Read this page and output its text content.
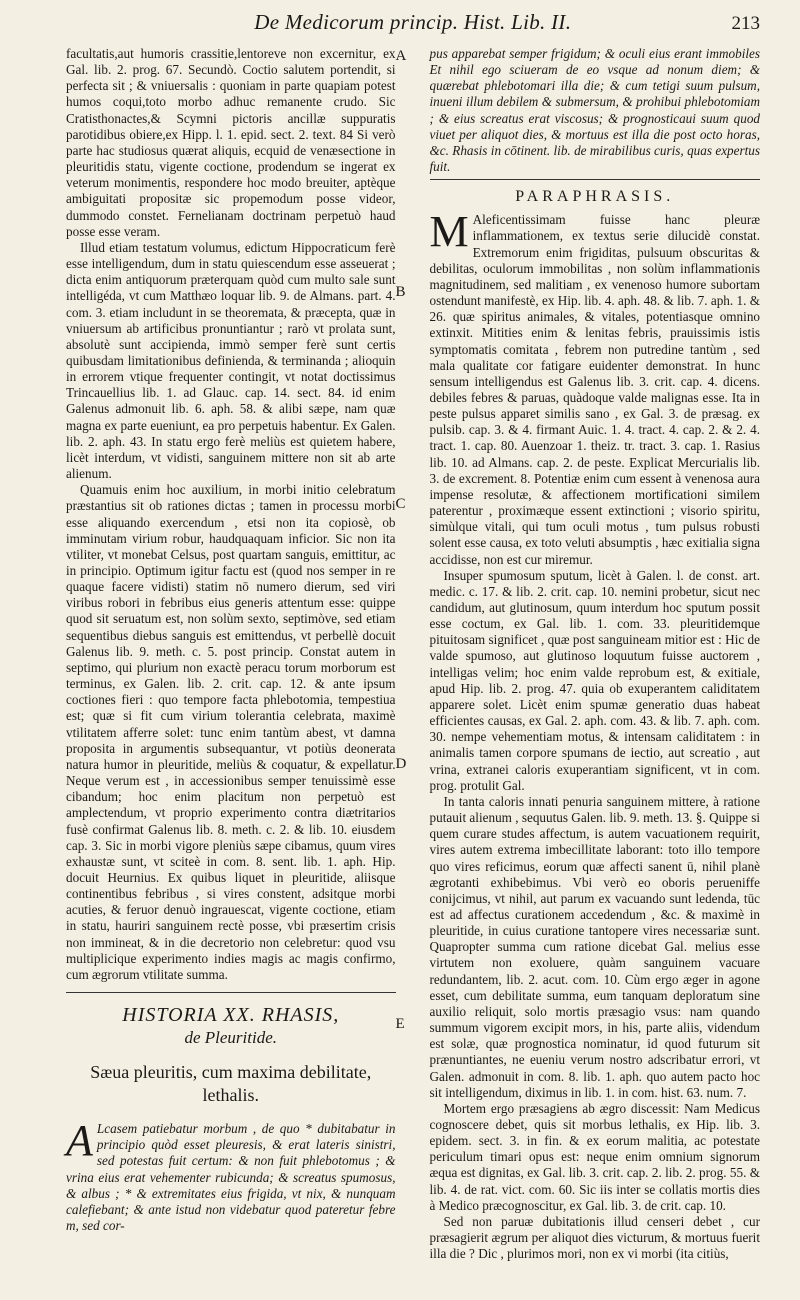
De Medicorum princip. Hist. Lib. II.	213

facultatis,aut humoris crassitie,lentoreve non excernitur, ex Gal. lib. 2. prog. 67. Secundò. Coctio salutem portendit, si perfecta sit ; & vniuersalis : quoniam in parte quapiam potest humos coqui,toto morbo adhuc remanente crudo. Sic Cratisthonactes,& Scymni pictoris ancillæ suppuratis parotidibus obiere,ex Hipp. l. 1. epid. sect. 2. text. 84 Si verò parte hac studiosus quærat aliquis, ecquid de venæsectione in pleuritidis statu, vigente coctione, prodendum se ingerat ex veterum monimentis, respondere hoc modo breuiter, aptèque ambiguitati propositæ sic propemodum posse videor, dummodo constet. Fernelianam doctrinam perpetuò haud posse esse veram.

Illud etiam testatum volumus, edictum Hippocraticum ferè esse intelligendum, dum in statu quiescendum esse asseuerat ; dicta enim antiquorum præterquam quòd cum multo sale sunt intelligéda, vt cum Matthæo loquar lib. 9. de Almans. part. 4. com. 3. etiam includunt in se theoremata, & præcepta, quæ in vniuersum ab artificibus pronuntiantur ; rarò vt prolata sunt, absolutè sunt accipienda, immò semper ferè sunt certis quibusdam limitationibus definienda, & terminanda ; alioquin in errorem vtique frequenter contingit, vt notat doctissimus Trincauellius lib. 1. ad Glauc. cap. 14. sect. 84. id enim Galenus admonuit lib. 6. aph. 58. & alibi sæpe, nam quæ magna ex parte eueniunt, ea pro perpetuis habentur. Ex Galen. lib. 2. aph. 43. In statu ergo ferè meliùs est quietem habere, licèt interdum, vt vidisti, sanguinem mittere non sit ab arte alienum.

Quamuis enim hoc auxilium, in morbi initio celebratum præstantius sit ob rationes dictas ; tamen in processu morbi esse aliquando exercendum , etsi non ita copiosè, ob imminutam virium robur, haudquaquam inficior. Sic non ita vtiliter, vt monebat Celsus, post quartam sanguis, emittitur, ac in principio. Optimum igitur factu est (quod nos semper in re quaque facere vidisti) statim nō numero dierum, sed viri viribus robori in febribus eius generis attentum esse: quippe quod sit seruatum est, non solùm sexto, septimòve, sed etiam sequentibus diebus sanguis est emittendus, vt perbellè docuit Galenus lib. 9. meth. c. 5. post princip. Constat autem in septimo, qui plurium non exactè peracu torum morborum est terminus, ex Galen. lib. 2. crit. cap. 12. & ante ipsum coctiones fieri : quo tempore facta phlebotomia, tempestiua est; quæ si fit cum virium tolerantia celebrata, maximè vtilitatem afferre solet: tunc enim tantùm abest, vt damna proposita in argumentis subsequantur, vt potiùs deonerata natura humor in pleuritide, meliùs & coquatur, & expellatur. Neque verum est , in accessionibus semper tenuissimè esse cibandum; hoc enim placitum non perpetuò est amplectendum, vt proprio experimento contra diætritarios fusè confirmat Galenus lib. 8. meth. c. 2. & lib. 10. eiusdem cap. 3. Sic in morbi vigore pleniùs sæpe cibamus, quum vires exhaustæ sunt, vt sciteè in com. 8. sent. lib. 1. aph. Hip. docuit Heurnius. Ex quibus liquet in pleuritide, aliisque continentibus febribus , si vires constent, adsitque morbi acuties, & feruor denuò ingrauescat, vigente coctione, etiam in statu, hauriri sanguinem rectè posse, vbi præsertim crisis non immineat, & in die decretorio non celebretur: quod vsu multiplicique experimento indies magis ac magis confirmo, cum ægrorum vtilitate summa.

HISTORIA XX. RHASIS,
de Pleuritide.
Sæua pleuritis, cum maxima debilitate, lethalis.

A Lcasem patiebatur morbum , de quo * dubitabatur in principio quòd esset pleuresis, & erat lateris sinistri, sed potestas fuit certum: & non fuit phlebotomus ; & vrina eius erat vehementer rubicunda; & screatus spumosus, & albus ; * & extremitates eius frigida, vt nix, & nunquam calefiebant; & ante istud non videbatur quod pateretur febre m, sed cor-

A
B
C
D
E

pus apparebat semper frigidum; & oculi eius erant immobiles Et nihil ego sciueram de eo vsque ad nonum diem; & quærebat phlebotomari illa die; & cum tetigi suum pulsum, inueni illum debilem & submersum, & prohibui phlebotomiam ; & eius screatus erat viscosus; & prognosticaui suum quod viuet per aliquot dies, & mortuus est illa die post octo horas, &c. Rhasis in cōtinent. lib. de mirabilibus curis, quas expertus fuit.

PARAPHRASIS.

M Aleficentissimam fuisse hanc pleuræ inflammationem, ex textus serie dilucidè constat. Extremorum enim frigiditas, pulsuum obscuritas & debilitas, oculorum immobilitas , non solùm inflammationis magnitudinem, sed malitiam , ex venenoso humore subortam ostendunt manifestè, ex Hip. lib. 4. aph. 48. & lib. 7. aph. 1. & 26. quæ spiritus animales, & vitales, potentiasque omnino extinxit. Mitities enim & lenitas febris, prauissimis istis symptomatis comitata , febrem non putredine tantùm , sed mala qualitate cor fatigare euidenter demonstrat. In hunc sensum intelligendus est Galenus lib. 3. crit. cap. 4. dicens. debiles febres & paruas, quàdoque valde malignas esse. Ita in peste pulsus apparet similis sano , ex Gal. 3. de præsag. ex pulsib. cap. 3. & 4. firmant Auic. 1. 4. tract. 4. cap. 2. & 2. 4. tract. 1. cap. 80. Auenzoar 1. theiz. tr. tract. 3. cap. 1. Rasius lib. 10. ad Almans. cap. 2. de peste. Explicat Mercurialis lib. 3. de excrement. 8. Potentiæ enim cum essent à venenosa aura impense resolutæ, & affectionem mortificationi similem paterentur , proximæque essent extinctioni ; visorio spiritu, simùlque vitali, qui tum oculi motus , tum pulsus robusti solent esse causa, ex toto veluti absumptis , hæc exitialia signa accidisse, non est cur miremur.

Insuper spumosum sputum, licèt à Galen. l. de const. art. medic. c. 17. & lib. 2. crit. cap. 10. nemini probetur, sicut nec candidum, aut glutinosum, quum interdum hoc sputum possit esse coctum, ex Gal. lib. 1. com. 33. pleuritidemque pituitosam significet , quæ post sanguineam mitior est : Hic de valde spumoso, aut glutinoso loquutum fuisse auctorem , intelligas velim; hoc enim valde reprobum est, & exitiale, apud Hip. lib. 2. prog. 47. quia ob exuperantem caliditatem apparere solet. Licèt enim spumæ generatio duas habeat efficientes causas, ex Gal. 2. aph. com. 43. & lib. 7. aph. com. 30. nempe vehementiam motus, & intensam caliditatem : in animalis tamen corpore spumans de iectio, aut screatio , aut vrina, extranei caloris exuperantiam significent, vt in com. prog. protulit Gal.

In tanta caloris innati penuria sanguinem mittere, à ratione putauit alienum , sequutus Galen. lib. 9. meth. 13. §. Quippe si quem curare studes affectum, is autem vacuationem requirit, vires autem extrema imbecillitate laborant: toto illo tempore quo vires reficimus, eorum quæ affecti sanent ū, nihil planè ægrotanti exhibebimus. Vbi verò eo oboris perueniffe conijcimus, vt nihil, aut parum ex vacuando sunt ledenda, tūc est ad affectus curationem accedendum , &c. & maximè in pleuritide, in cuius curatione tantopere vires necessariæ sunt. Quapropter summa cum ratione dicebat Gal. melius esse virtutem non exoluere, quàm sanguinem vacuare redundantem, lib. 2. acut. com. 10. Cùm ergo æger in agone esset, cum debilitate summa, eum tanquam deploratum sine auxilio reliquit, solo mortis præsagio vsus: nam quando summum vigorem excipit mors, in his, parte aliis, videndum est solæ, quæ prognostica nominatur, id quod futurum sit prænuntiantes, ne eueniu verum nostro adscribatur errori, vt Galen. admonuit in com. 8. lib. 1. aph. quo autem pacto hoc sit intelligendum, diximus in lib. 1. in com. hist. 63. num. 7.

Mortem ergo præsagiens ab ægro discessit: Nam Medicus cognoscere debet, quis sit morbus lethalis, ex Hip. lib. 3. epidem. sect. 3. in fin. & ex eorum malitia, ac potestate periculum timari opus est: neque enim omnium signorum æqua est dignitas, ex Gal. lib. 3. crit. cap. 2. lib. 2. prog. 55. & lib. 4. de rat. vict. com. 60. Sic iis inter se collatis mortis dies à Medico præcognoscitur, ex Gal. lib. 3. de crit. cap. 10.

Sed non paruæ dubitationis illud censeri debet , cur præsagierit ægrum per aliquot dies victurum, & mortuus fuerit illa die ? Dic , plurimos mori, non ex vi morbi (ita citiùs,
